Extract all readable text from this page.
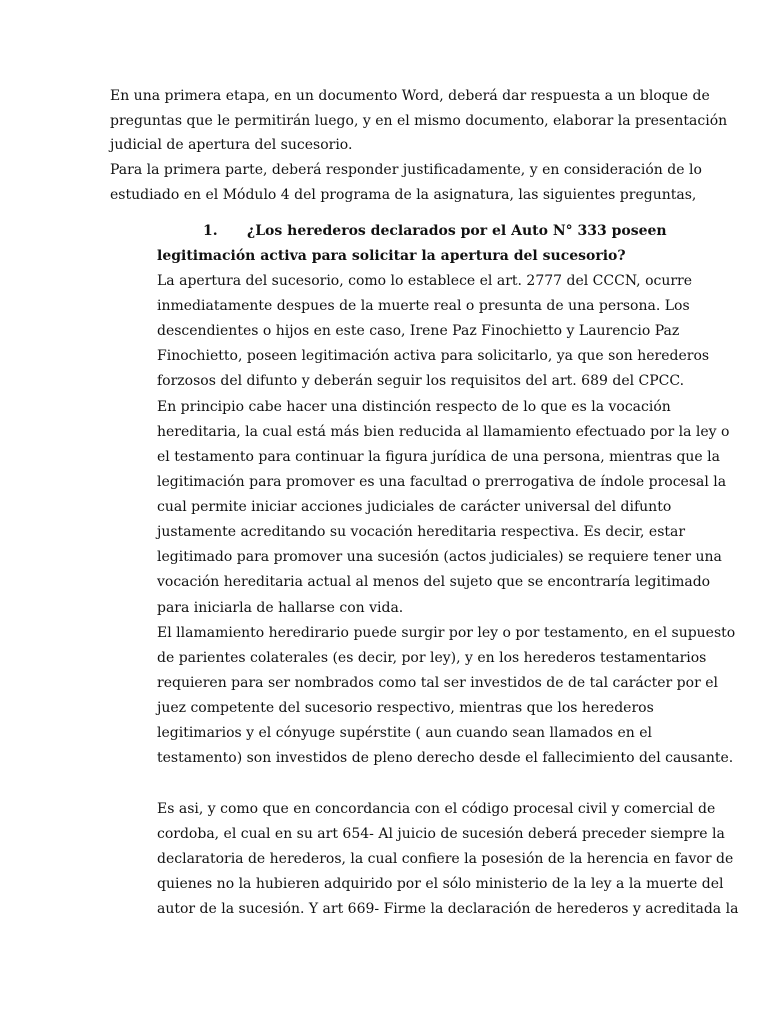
En una primera etapa, en un documento Word, deberá dar respuesta a un bloque de
preguntas que le permitirán luego, y en el mismo documento, elaborar la presentación
judicial de apertura del sucesorio.
Para la primera parte, deberá responder justificadamente, y en consideración de lo
estudiado en el Módulo 4 del programa de la asignatura, las siguientes preguntas,
1. ¿Los herederos declarados por el Auto N° 333 poseen
legitimación activa para solicitar la apertura del sucesorio?
La apertura del sucesorio, como lo establece el art. 2777 del CCCN, ocurre
inmediatamente despues de la muerte real o presunta de una persona. Los
descendientes o hijos en este caso, Irene Paz Finochietto y Laurencio Paz
Finochietto, poseen legitimación activa para solicitarlo, ya que son herederos
forzosos del difunto y deberán seguir los requisitos del art. 689 del CPCC.
En principio cabe hacer una distinción respecto de lo que es la vocación
hereditaria, la cual está más bien reducida al llamamiento efectuado por la ley o
el testamento para continuar la figura jurídica de una persona, mientras que la
legitimación para promover es una facultad o prerrogativa de índole procesal la
cual permite iniciar acciones judiciales de carácter universal del difunto
justamente acreditando su vocación hereditaria respectiva. Es decir, estar
legitimado para promover una sucesión (actos judiciales) se requiere tener una
vocación hereditaria actual al menos del sujeto que se encontraría legitimado
para iniciarla de hallarse con vida.
El llamamiento heredirario puede surgir por ley o por testamento, en el supuesto
de parientes colaterales (es decir, por ley), y en los herederos testamentarios
requieren para ser nombrados como tal ser investidos de de tal carácter por el
juez competente del sucesorio respectivo, mientras que los herederos
legitimarios y el cónyuge supérstite ( aun cuando sean llamados en el
testamento) son investidos de pleno derecho desde el fallecimiento del causante.
Es asi, y como que en concordancia con el código procesal civil y comercial de
cordoba, el cual en su art 654- Al juicio de sucesión deberá preceder siempre la
declaratoria de herederos, la cual confiere la posesión de la herencia en favor de
quienes no la hubieren adquirido por el sólo ministerio de la ley a la muerte del
autor de la sucesión. Y art 669- Firme la declaración de herederos y acreditada la
